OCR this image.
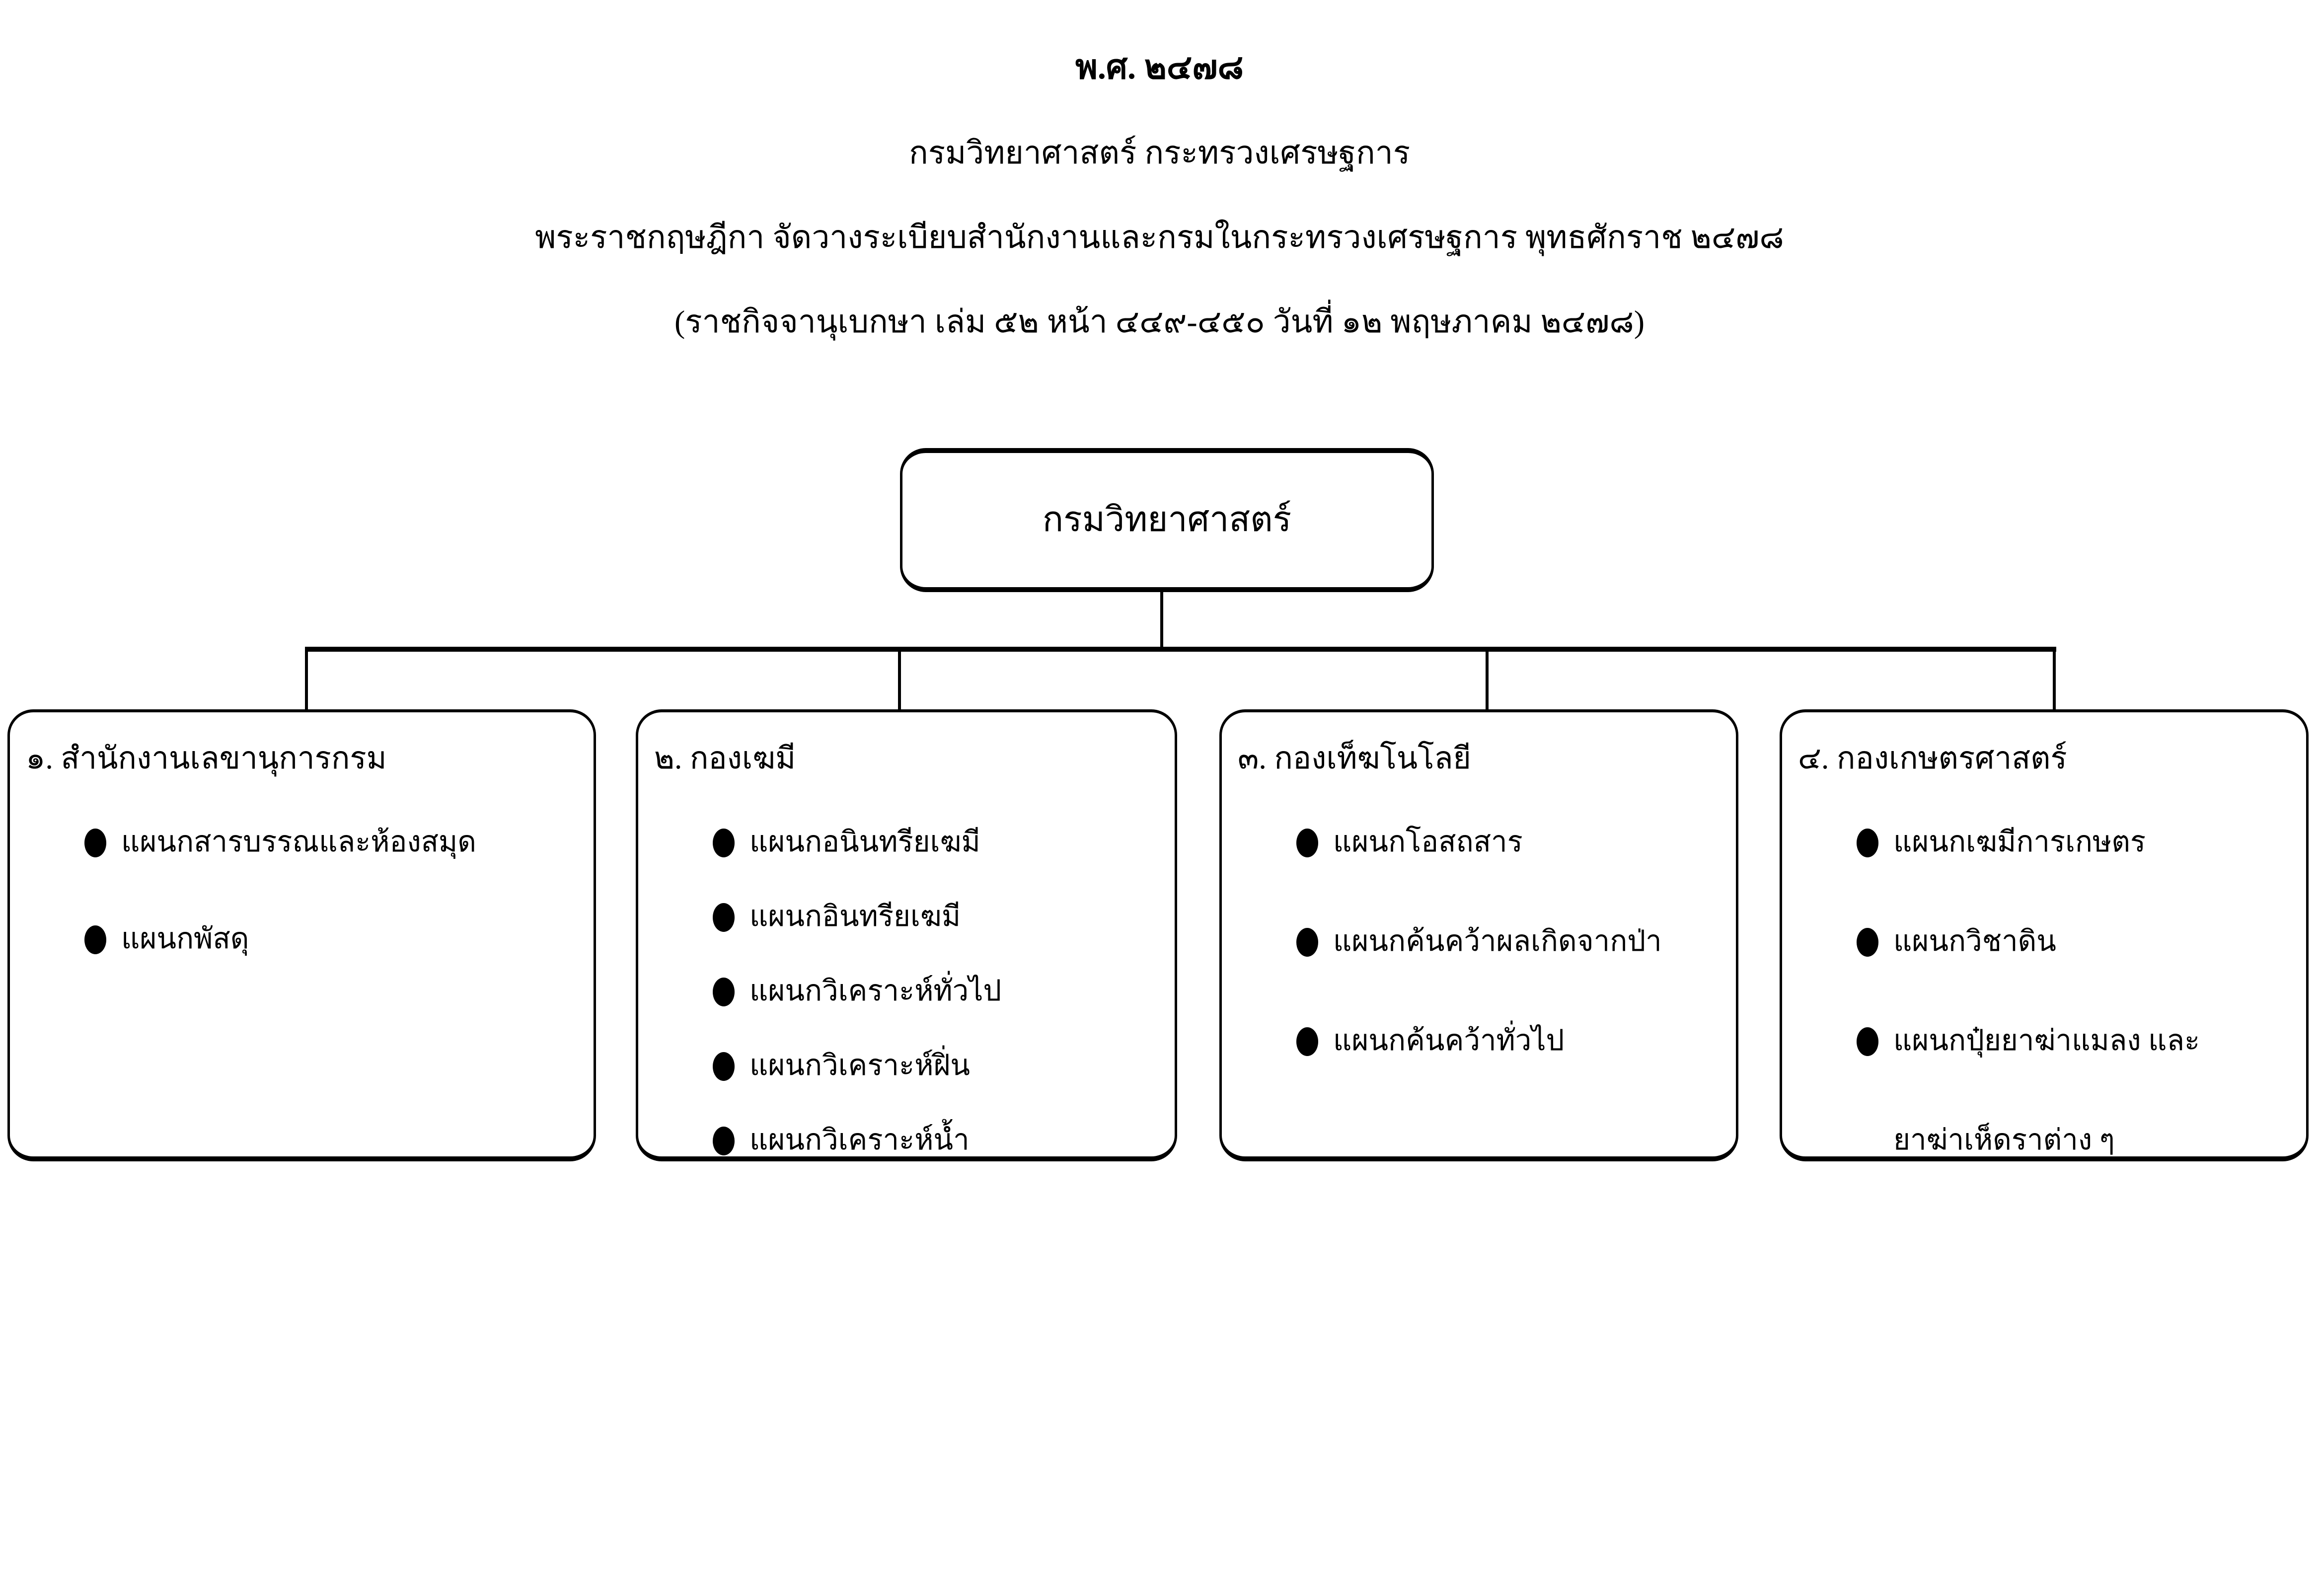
พ.ศ. ๒๔๗๘
กรมวิทยาศาสตร์ กระทรวงเศรษฐการ
พระราชกฤษฎีกา จัดวางระเบียบสำนักงานและกรมในกระทรวงเศรษฐการ พุทธศักราช ๒๔๗๘
(ราชกิจจานุเบกษา เล่ม ๕๒ หน้า ๔๔๙-๔๕๐ วันที่ ๑๒ พฤษภาคม ๒๔๗๘)
กรมวิทยาศาสตร์
๑. สำนักงานเลขานุการกรม
แผนกสารบรรณและห้องสมุด
แผนกพัสดุ
๒. กองเฆมี
แผนกอนินทรียเฆมี
แผนกอินทรียเฆมี
แผนกวิเคราะห์ทั่วไป
แผนกวิเคราะห์ฝิ่น
แผนกวิเคราะห์น้ำ
๓. กองเท็ฆโนโลยี
แผนกโอสถสาร
แผนกค้นคว้าผลเกิดจากป่า
แผนกค้นคว้าทั่วไป
๔. กองเกษตรศาสตร์
แผนกเฆมีการเกษตร
แผนกวิชาดิน
แผนกปุ๋ยยาฆ่าแมลง และ
ยาฆ่าเห็ดราต่าง ๆ
